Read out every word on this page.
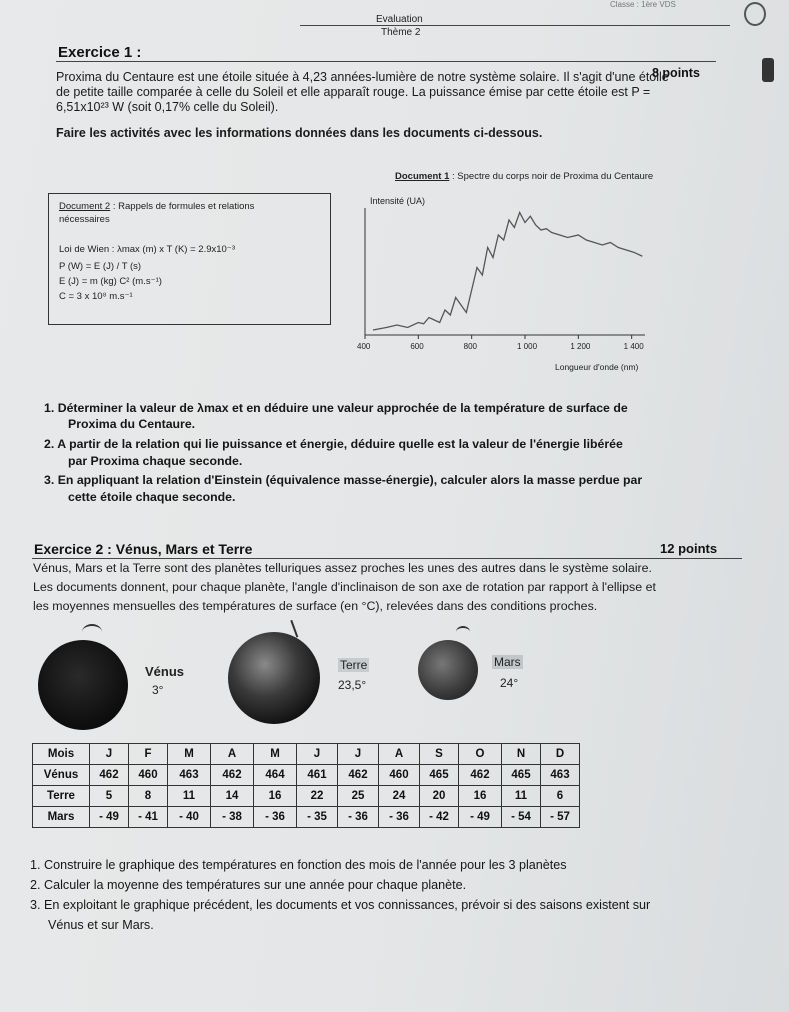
Classe : 1ère VDS
Evaluation
Thème 2
Exercice 1 :
8 points
Proxima du Centaure est une étoile située à 4,23 années-lumière de notre système solaire. Il s'agit d'une étoile
de petite taille comparée à celle du Soleil et elle apparaît rouge. La puissance émise par cette étoile est P =
6,51x10²³ W (soit 0,17% celle du Soleil).
Faire les activités avec les informations données dans les documents ci-dessous.
Document 2 : Rappels de formules et relations
nécessaires
Loi de Wien : λmax (m) x T (K) = 2.9x10⁻³
P (W) = E (J) / T (s)
E (J) = m (kg) C² (m.s⁻¹)
C = 3 x 10⁸ m.s⁻¹
Document 1 : Spectre du corps noir de Proxima du Centaure
Intensité (UA)
400	600	800	1 000	1 200	1 400
Longueur d'onde (nm)
1. Déterminer la valeur de λmax et en déduire une valeur approchée de la température de surface de
Proxima du Centaure.
2. A partir de la relation qui lie puissance et énergie, déduire quelle est la valeur de l'énergie libérée
par Proxima chaque seconde.
3. En appliquant la relation d'Einstein (équivalence masse-énergie), calculer alors la masse perdue par
cette étoile chaque seconde.
Exercice 2 : Vénus, Mars et Terre	12 points
Vénus, Mars et la Terre sont des planètes telluriques assez proches les unes des autres dans le système solaire.
Les documents donnent, pour chaque planète, l'angle d'inclinaison de son axe de rotation par rapport à l'ellipse et
les moyennes mensuelles des températures de surface (en °C), relevées dans des conditions proches.
Vénus
3°
Terre
23,5°
Mars
24°
Mois	J	F	M	A	M	J	J	A	S	O	N	D
Vénus	462	460	463	462	464	461	462	460	465	462	465	463
Terre	5	8	11	14	16	22	25	24	20	16	11	6
Mars	- 49	- 41	- 40	- 38	- 36	- 35	- 36	- 36	- 42	- 49	- 54	- 57
1. Construire le graphique des températures en fonction des mois de l'année pour les 3 planètes
2. Calculer la moyenne des températures sur une année pour chaque planète.
3. En exploitant le graphique précédent, les documents et vos connissances, prévoir si des saisons existent sur
Vénus et sur Mars.
